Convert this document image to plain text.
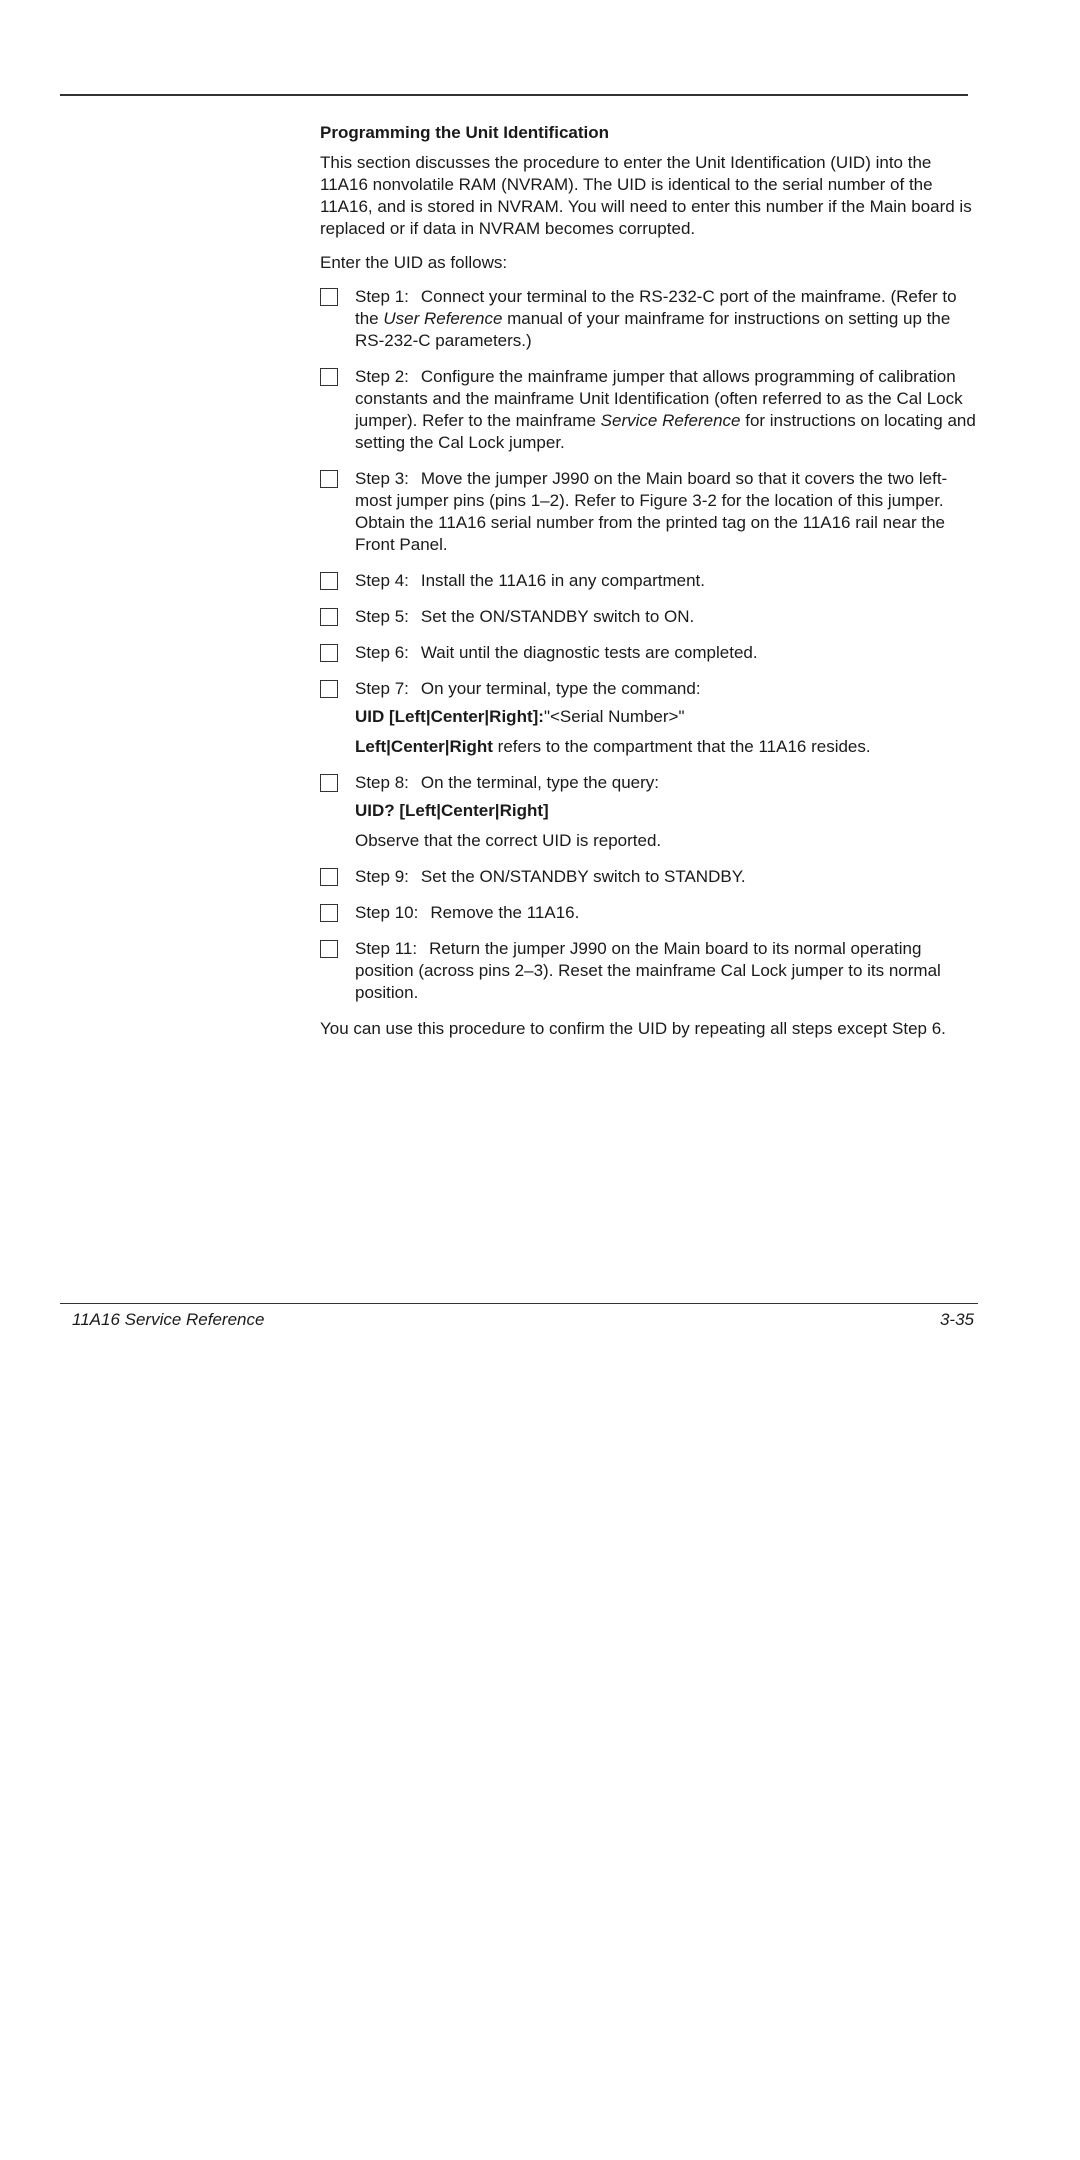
Programming the Unit Identification

This section discusses the procedure to enter the Unit Identification (UID) into the 11A16 nonvolatile RAM (NVRAM). The UID is identical to the serial number of the 11A16, and is stored in NVRAM. You will need to enter this number if the Main board is replaced or if data in NVRAM becomes corrupted.

Enter the UID as follows:

Step 1: Connect your terminal to the RS-232-C port of the mainframe. (Refer to the User Reference manual of your mainframe for instructions on setting up the RS-232-C parameters.)
Step 2: Configure the mainframe jumper that allows programming of calibration constants and the mainframe Unit Identification (often referred to as the Cal Lock jumper). Refer to the mainframe Service Reference for instructions on locating and setting the Cal Lock jumper.
Step 3: Move the jumper J990 on the Main board so that it covers the two left-most jumper pins (pins 1–2). Refer to Figure 3-2 for the location of this jumper. Obtain the 11A16 serial number from the printed tag on the 11A16 rail near the Front Panel.
Step 4: Install the 11A16 in any compartment.
Step 5: Set the ON/STANDBY switch to ON.
Step 6: Wait until the diagnostic tests are completed.
Step 7: On your terminal, type the command:
UID [Left|Center|Right]:"<Serial Number>"
Left|Center|Right refers to the compartment that the 11A16 resides.
Step 8: On the terminal, type the query:
UID? [Left|Center|Right]
Observe that the correct UID is reported.
Step 9: Set the ON/STANDBY switch to STANDBY.
Step 10: Remove the 11A16.
Step 11: Return the jumper J990 on the Main board to its normal operating position (across pins 2–3). Reset the mainframe Cal Lock jumper to its normal position.

You can use this procedure to confirm the UID by repeating all steps except Step 6.

11A16 Service Reference	3-35
